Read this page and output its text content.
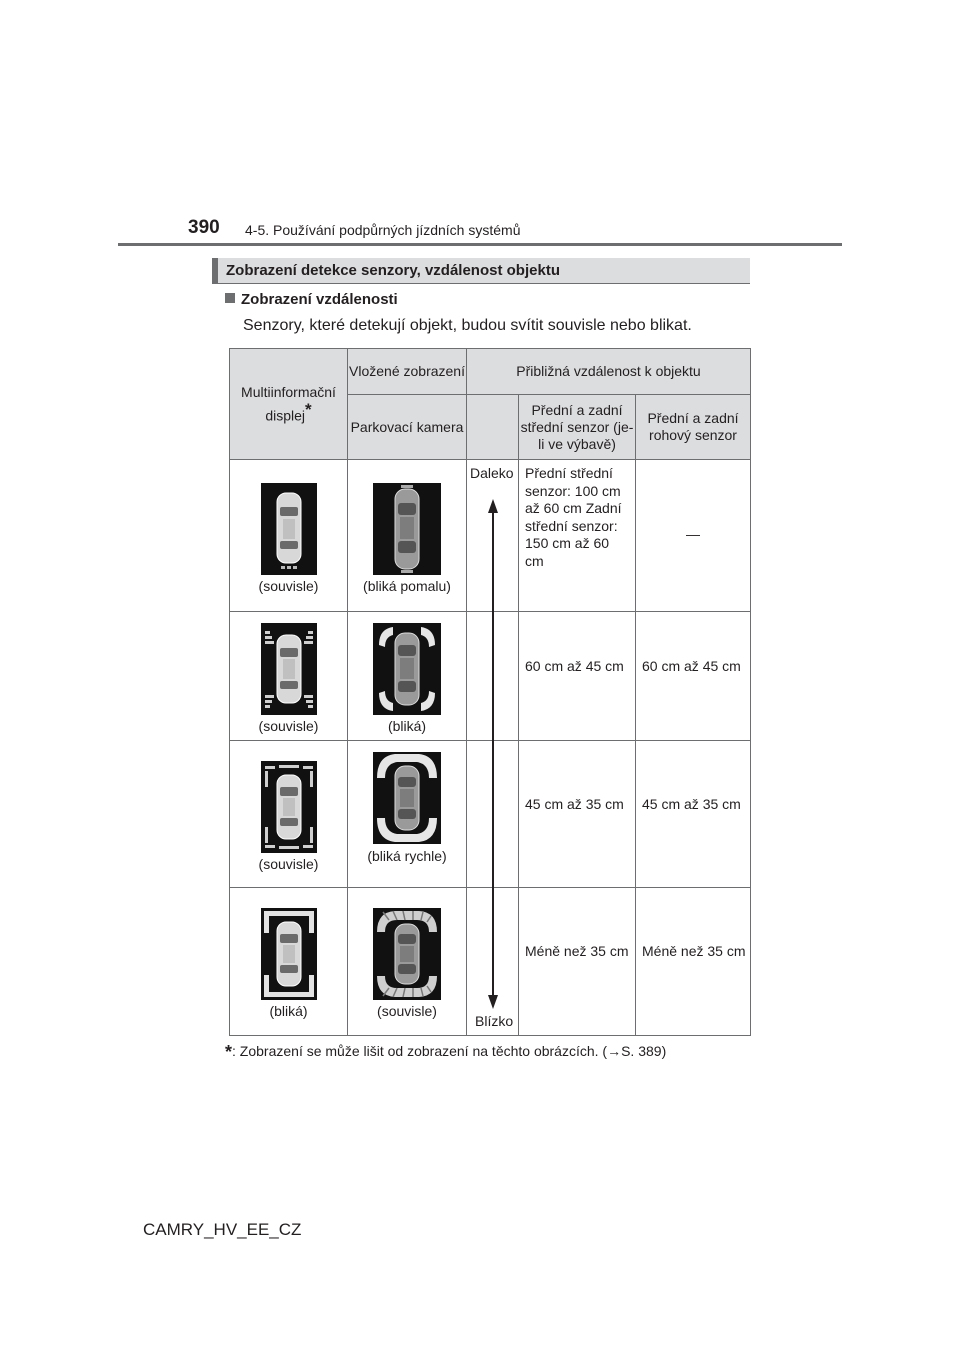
390 4-5. Používání podpůrných jízdních systémů
Zobrazení detekce senzory, vzdálenost objektu
Zobrazení vzdálenosti
Senzory, které detekují objekt, budou svítit souvisle nebo blikat.
Multiinformační displej*	Vložené zobrazení	Přibližná vzdálenost k objektu		
	Parkovací kamera		Přední a zadní střední senzor (je-li ve výbavě)	Přední a zadní rohový senzor

(souvisle)	(bliká pomalu)		Přední střední senzor: 100 cm až 60 cm Zadní střední senzor: 150 cm až 60 cm	—

(souvisle)	(bliká)		60 cm až 45 cm	60 cm až 45 cm

(souvisle)	(bliká rychle)		45 cm až 35 cm	45 cm až 35 cm

(bliká)	(souvisle)		Méně než 35 cm	Méně než 35 cm
Daleko
Blízko
*: Zobrazení se může lišit od zobrazení na těchto obrázcích. (→S. 389)
CAMRY_HV_EE_CZ
